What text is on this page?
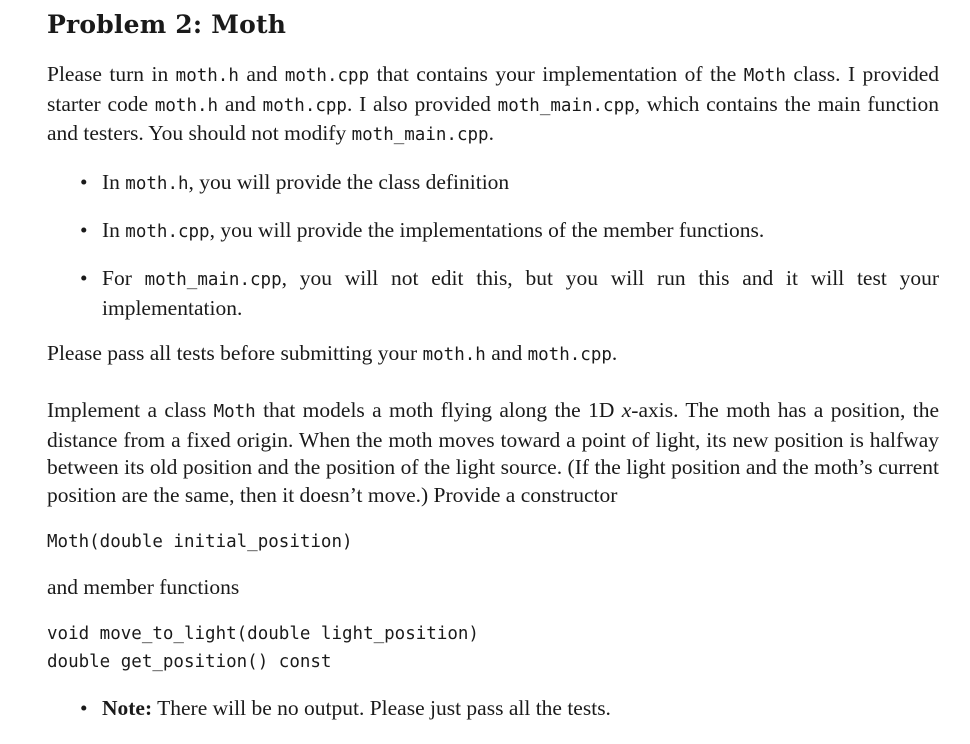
Problem 2: Moth

Please turn in moth.h and moth.cpp that contains your implementation of the Moth class. I provided starter code moth.h and moth.cpp. I also provided moth_main.cpp, which contains the main function and testers. You should not modify moth_main.cpp.

• In moth.h, you will provide the class definition
• In moth.cpp, you will provide the implementations of the member functions.
• For moth_main.cpp, you will not edit this, but you will run this and it will test your implementation.

Please pass all tests before submitting your moth.h and moth.cpp.

Implement a class Moth that models a moth flying along the 1D x-axis. The moth has a position, the distance from a fixed origin. When the moth moves toward a point of light, its new position is halfway between its old position and the position of the light source. (If the light position and the moth’s current position are the same, then it doesn’t move.) Provide a constructor

Moth(double initial_position)

and member functions

void move_to_light(double light_position)
double get_position() const
• Note: There will be no output. Please just pass all the tests.
